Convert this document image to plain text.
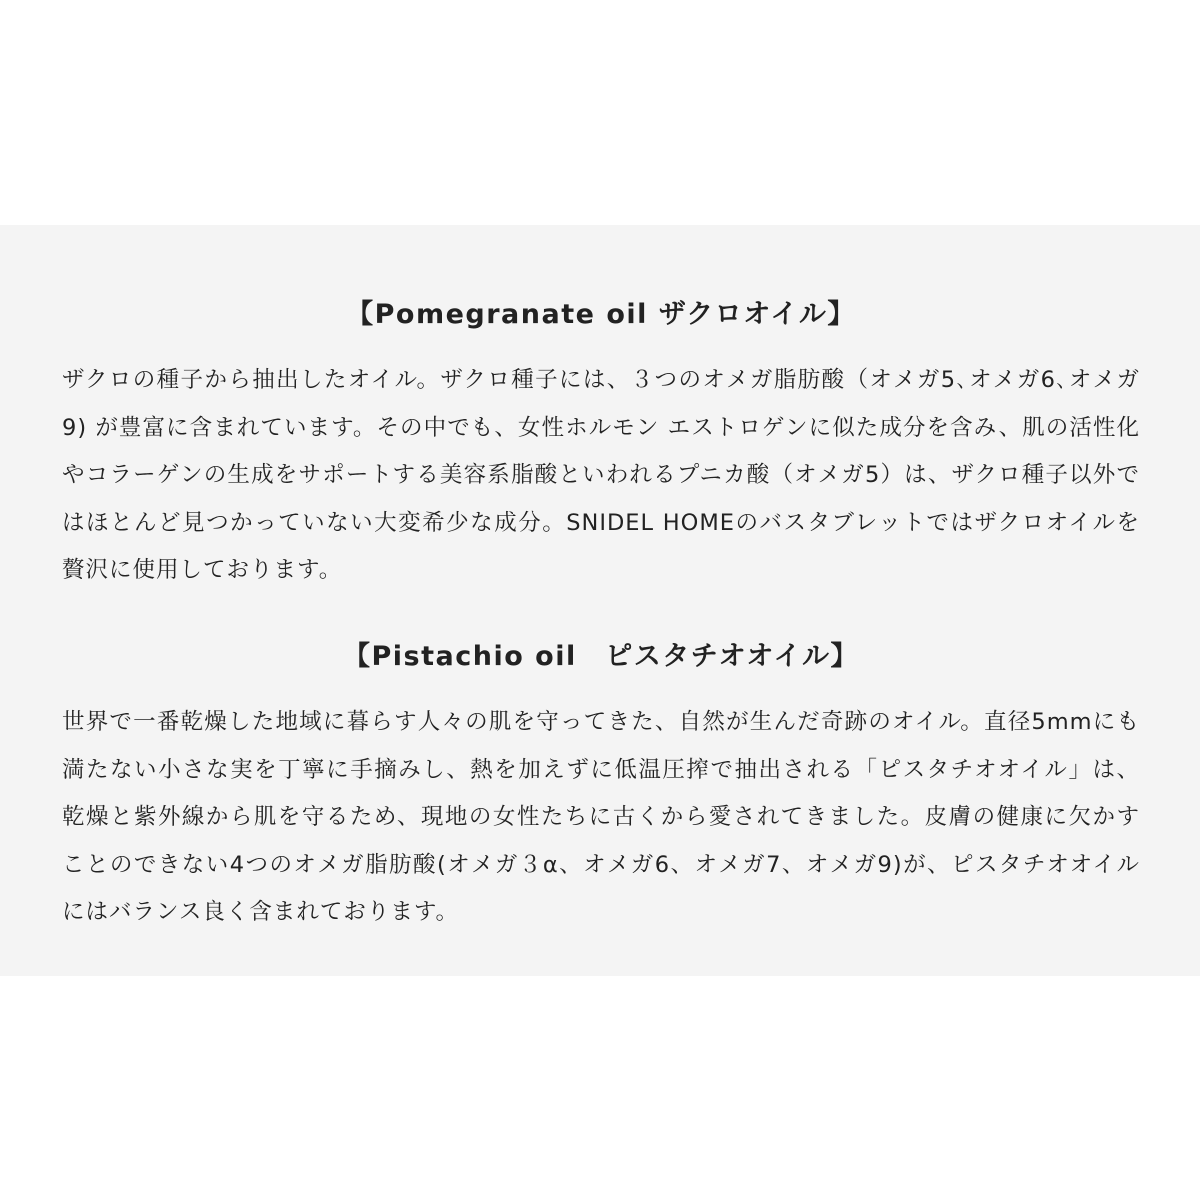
【Pomegranate oil ザクロオイル】

ザクロの種子から抽出したオイル。ザクロ種子には、３つのオメガ脂肪酸（オメガ5､オメガ6､オメガ9) が豊富に含まれています。その中でも、女性ホルモン エストロゲンに似た成分を含み、肌の活性化やコラーゲンの生成をサポートする美容系脂酸といわれるプニカ酸（オメガ5）は、ザクロ種子以外ではほとんど見つかっていない大変希少な成分。SNIDEL HOMEのバスタブレットではザクロオイルを贅沢に使用しております。

【Pistachio oil　ピスタチオオイル】

世界で一番乾燥した地域に暮らす人々の肌を守ってきた、自然が生んだ奇跡のオイル。直径5mmにも満たない小さな実を丁寧に手摘みし、熱を加えずに低温圧搾で抽出される「ピスタチオオイル」は、乾燥と紫外線から肌を守るため、現地の女性たちに古くから愛されてきました。皮膚の健康に欠かすことのできない4つのオメガ脂肪酸(オメガ３α、オメガ6、オメガ7、オメガ9)が、ピスタチオオイルにはバランス良く含まれております。
